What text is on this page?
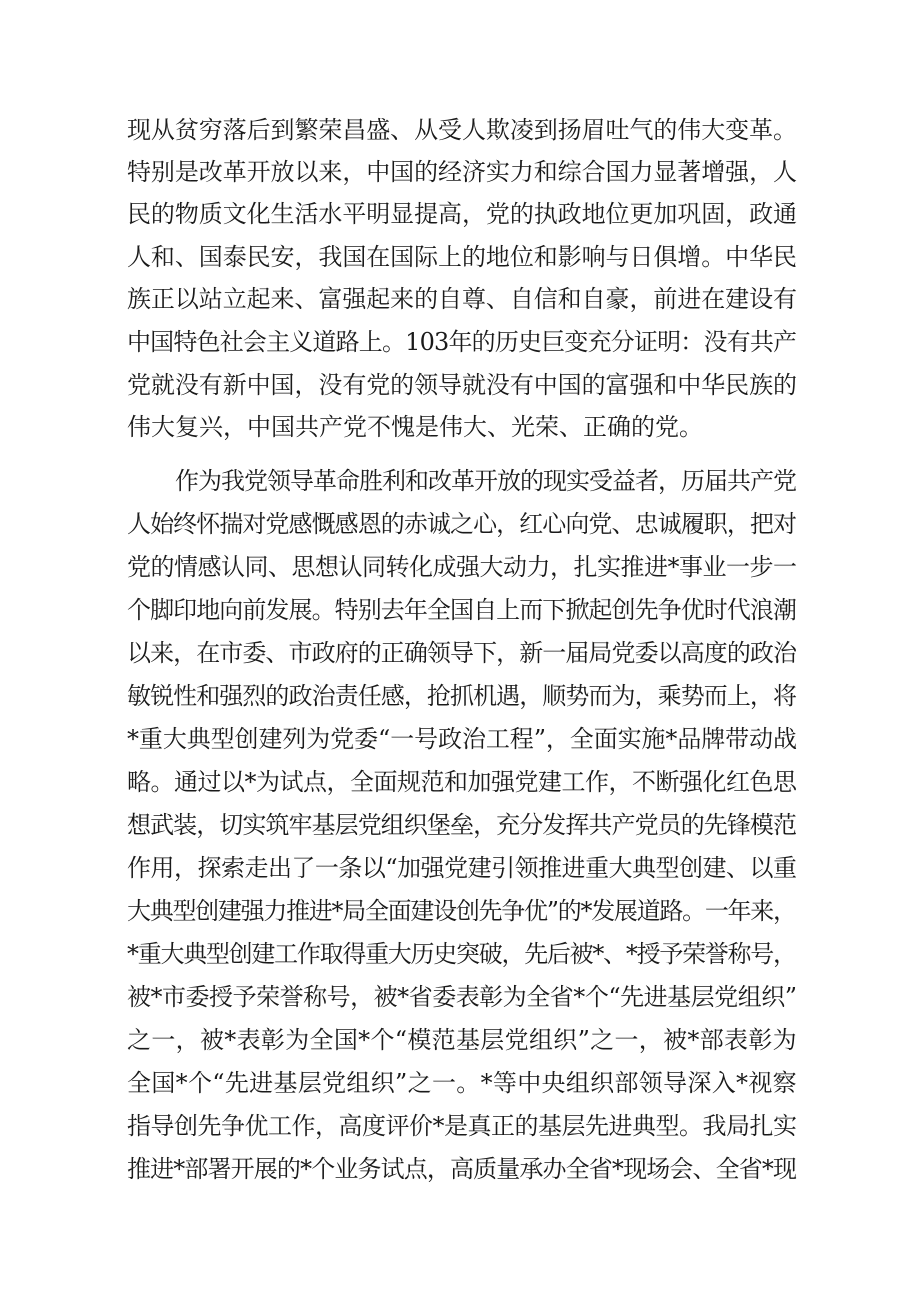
现从贫穷落后到繁荣昌盛、从受人欺凌到扬眉吐气的伟大变革。
特别是改革开放以来，中国的经济实力和综合国力显著增强，人
民的物质文化生活水平明显提高，党的执政地位更加巩固，政通
人和、国泰民安，我国在国际上的地位和影响与日俱增。中华民
族正以站立起来、富强起来的自尊、自信和自豪，前进在建设有
中国特色社会主义道路上。103年的历史巨变充分证明：没有共产
党就没有新中国，没有党的领导就没有中国的富强和中华民族的
伟大复兴，中国共产党不愧是伟大、光荣、正确的党。
作为我党领导革命胜利和改革开放的现实受益者，历届共产党
人始终怀揣对党感慨感恩的赤诚之心，红心向党、忠诚履职，把对
党的情感认同、思想认同转化成强大动力，扎实推进*事业一步一
个脚印地向前发展。特别去年全国自上而下掀起创先争优时代浪潮
以来，在市委、市政府的正确领导下，新一届局党委以高度的政治
敏锐性和强烈的政治责任感，抢抓机遇，顺势而为，乘势而上，将
*重大典型创建列为党委“一号政治工程”，全面实施*品牌带动战
略。通过以*为试点，全面规范和加强党建工作，不断强化红色思
想武装，切实筑牢基层党组织堡垒，充分发挥共产党员的先锋模范
作用，探索走出了一条以“加强党建引领推进重大典型创建、以重
大典型创建强力推进*局全面建设创先争优”的*发展道路。一年来，
*重大典型创建工作取得重大历史突破，先后被*、*授予荣誉称号，
被*市委授予荣誉称号，被*省委表彰为全省*个“先进基层党组织”
之一，被*表彰为全国*个“模范基层党组织”之一，被*部表彰为
全国*个“先进基层党组织”之一。*等中央组织部领导深入*视察
指导创先争优工作，高度评价*是真正的基层先进典型。我局扎实
推进*部署开展的*个业务试点，高质量承办全省*现场会、全省*现
